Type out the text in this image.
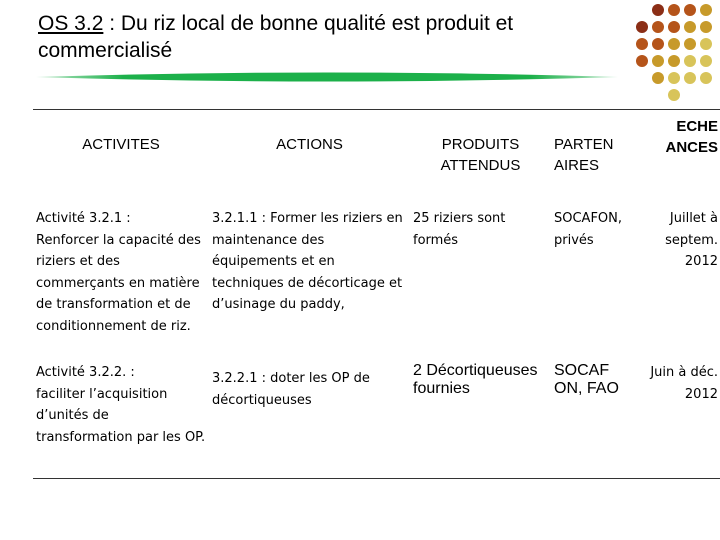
OS 3.2 : Du riz local de bonne qualité est produit et commercialisé
ACTIVITES	ACTIONS	PRODUITS ATTENDUS	PARTEN AIRES	ECHE ANCES

Activité 3.2.1 :
Renforcer la capacité des riziers et des commerçants en matière de transformation et de conditionnement de riz.	3.2.1.1 : Former les riziers en maintenance des équipements et en techniques de décorticage et d’usinage du paddy,	25 riziers sont formés	SOCAFON, privés	Juillet à septem. 2012

Activité 3.2.2. :
faciliter l’acquisition d’unités de transformation par les OP.	3.2.2.1 : doter les OP de décortiqueuses	2 Décortiqueuses fournies	SOCAF ON, FAO	Juin à déc. 2012
